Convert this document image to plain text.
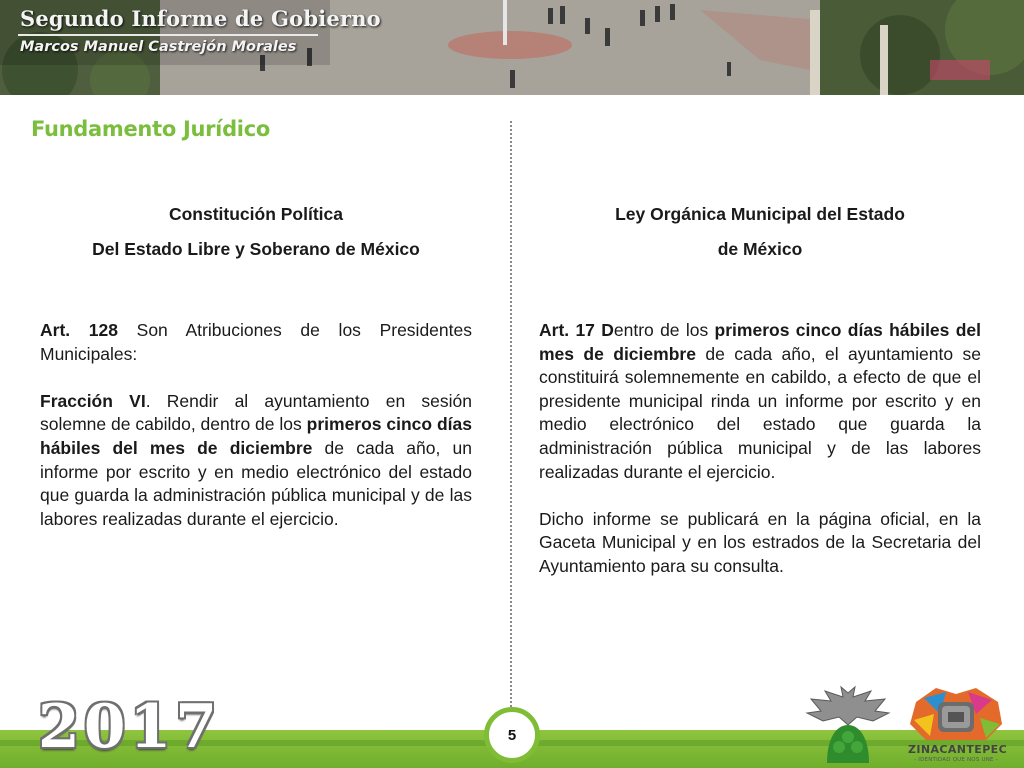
Segundo Informe de Gobierno
Marcos Manuel Castrejón Morales
Fundamento Jurídico
Constitución Política
Del Estado Libre y Soberano de México

Art. 128 Son Atribuciones de los Presidentes Municipales:

Fracción VI. Rendir al ayuntamiento en sesión solemne de cabildo, dentro de los primeros cinco días hábiles del mes de diciembre de cada año, un informe por escrito y en medio electrónico del estado que guarda la administración pública municipal y de las labores realizadas durante el ejercicio.

Ley Orgánica Municipal del Estado
de México

Art. 17 Dentro de los primeros cinco días hábiles del mes de diciembre de cada año, el ayuntamiento se constituirá solemnemente en cabildo, a efecto de que el presidente municipal rinda un informe por escrito y en medio electrónico del estado que guarda la administración pública municipal y de las labores realizadas durante el ejercicio.

Dicho informe se publicará en la página oficial, en la Gaceta Municipal y en los estrados de la Secretaria del Ayuntamiento para su consulta.

2017	5
ZINACANTEPEC
- IDENTIDAD QUE NOS UNE -
